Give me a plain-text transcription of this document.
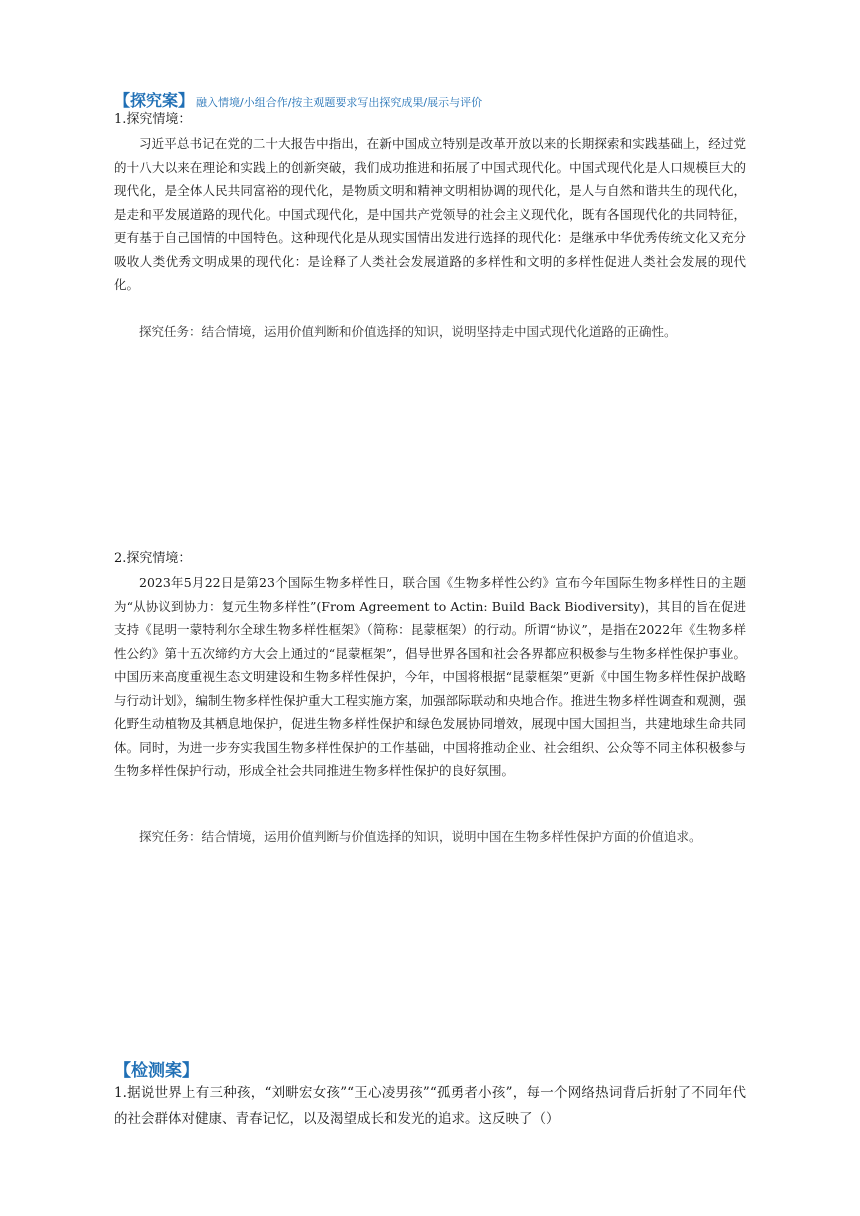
【探究案】 融入情境/小组合作/按主观题要求写出探究成果/展示与评价
1.探究情境：

习近平总书记在党的二十大报告中指出，在新中国成立特别是改革开放以来的长期探索和实践基础上，经过党的十八大以来在理论和实践上的创新突破，我们成功推进和拓展了中国式现代化。中国式现代化是人口规模巨大的现代化，是全体人民共同富裕的现代化，是物质文明和精神文明相协调的现代化，是人与自然和谐共生的现代化，是走和平发展道路的现代化。中国式现代化，是中国共产党领导的社会主义现代化，既有各国现代化的共同特征，更有基于自己国情的中国特色。这种现代化是从现实国情出发进行选择的现代化：是继承中华优秀传统文化又充分吸收人类优秀文明成果的现代化：是诠释了人类社会发展道路的多样性和文明的多样性促进人类社会发展的现代化。

探究任务：结合情境，运用价值判断和价值选择的知识，说明坚持走中国式现代化道路的正确性。

2.探究情境：

2023年5月22日是第23个国际生物多样性日，联合国《生物多样性公约》宣布今年国际生物多样性日的主题为“从协议到协力：复元生物多样性”(From Agreement to Actin: Build Back Biodiversity)，其目的旨在促进支持《昆明一蒙特利尔全球生物多样性框架》（简称：昆蒙框架）的行动。所谓“协议”，是指在2022年《生物多样性公约》第十五次缔约方大会上通过的“昆蒙框架”，倡导世界各国和社会各界都应积极参与生物多样性保护事业。中国历来高度重视生态文明建设和生物多样性保护，今年，中国将根据“昆蒙框架”更新《中国生物多样性保护战略与行动计划》，编制生物多样性保护重大工程实施方案，加强部际联动和央地合作。推进生物多样性调查和观测，强化野生动植物及其栖息地保护，促进生物多样性保护和绿色发展协同增效，展现中国大国担当，共建地球生命共同体。同时，为进一步夯实我国生物多样性保护的工作基础，中国将推动企业、社会组织、公众等不同主体积极参与生物多样性保护行动，形成全社会共同推进生物多样性保护的良好氛围。

探究任务：结合情境，运用价值判断与价值选择的知识，说明中国在生物多样性保护方面的价值追求。

【检测案】

1.据说世界上有三种孩，“刘畊宏女孩”“王心凌男孩”“孤勇者小孩”，每一个网络热词背后折射了不同年代的社会群体对健康、青春记忆，以及渴望成长和发光的追求。这反映了（）
